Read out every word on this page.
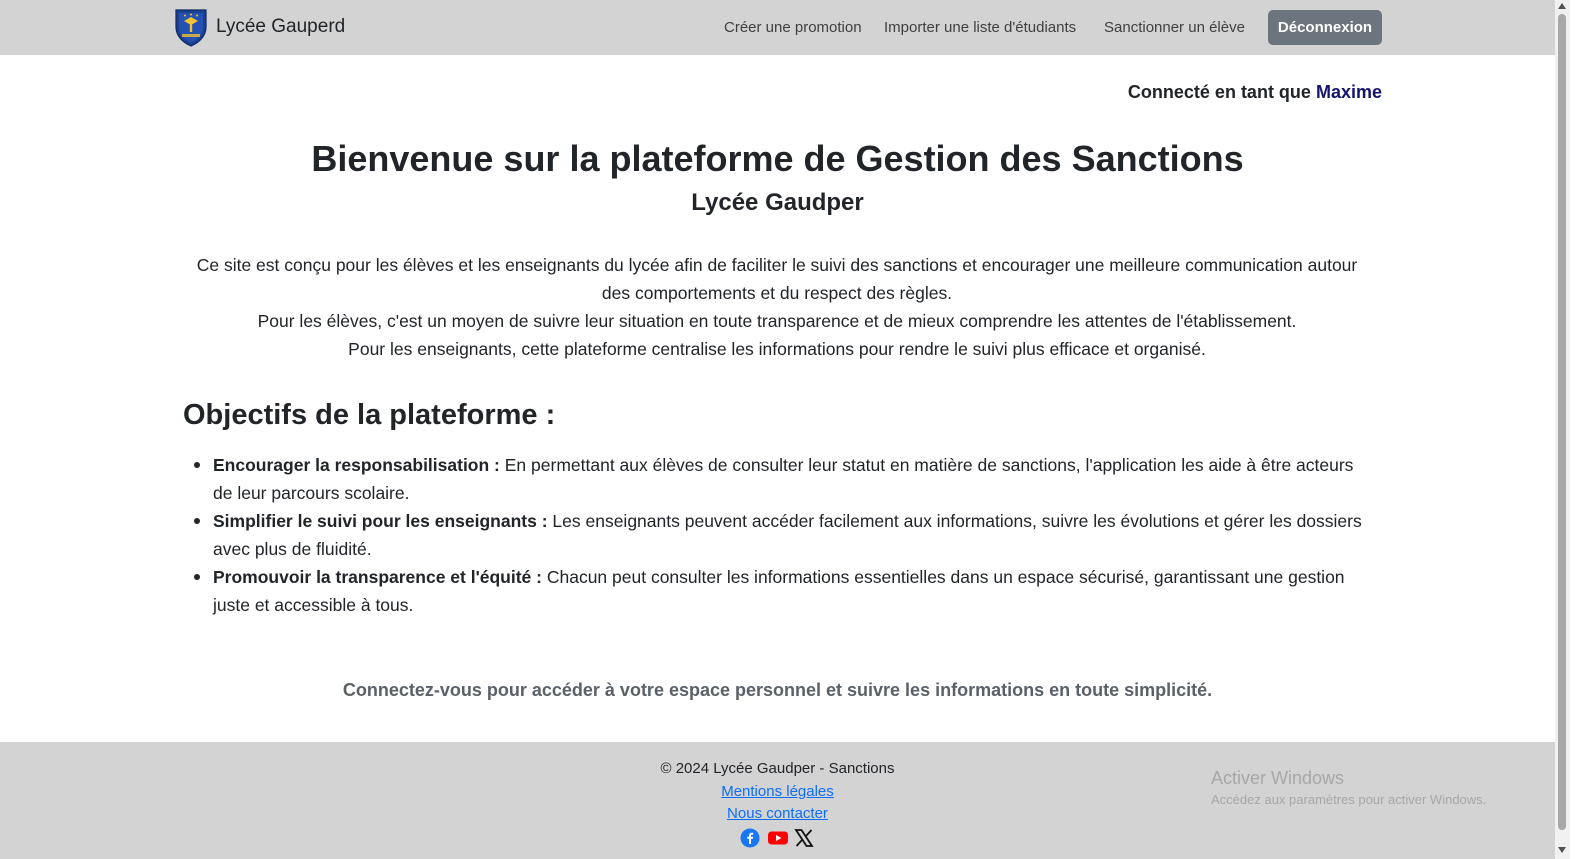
Lycée Gauperd	Créer une promotion Importer une liste d'étudiants Sanctionner un élève	Déconnexion
Connecté en tant que Maxime
Bienvenue sur la plateforme de Gestion des Sanctions
Lycée Gaudper

Ce site est conçu pour les élèves et les enseignants du lycée afin de faciliter le suivi des sanctions et encourager une meilleure communication autour des comportements et du respect des règles.

Pour les élèves, c'est un moyen de suivre leur situation en toute transparence et de mieux comprendre les attentes de l'établissement.

Pour les enseignants, cette plateforme centralise les informations pour rendre le suivi plus efficace et organisé.

Objectifs de la plateforme :
Encourager la responsabilisation : En permettant aux élèves de consulter leur statut en matière de sanctions, l'application les aide à être acteurs de leur parcours scolaire.
Simplifier le suivi pour les enseignants : Les enseignants peuvent accéder facilement aux informations, suivre les évolutions et gérer les dossiers avec plus de fluidité.
Promouvoir la transparence et l'équité : Chacun peut consulter les informations essentielles dans un espace sécurisé, garantissant une gestion juste et accessible à tous.

Connectez-vous pour accéder à votre espace personnel et suivre les informations en toute simplicité.

© 2024 Lycée Gaudper - Sanctions
Mentions légales
Nous contacter
Activer Windows
Accédez aux paramètres pour activer Windows.
